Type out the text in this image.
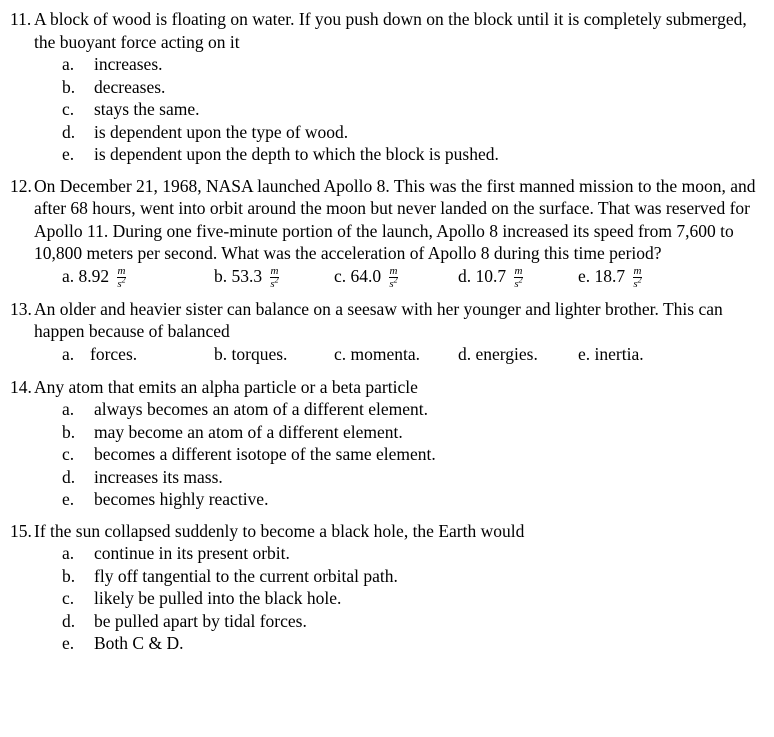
11. A block of wood is floating on water. If you push down on the block until it is completely submerged, the buoyant force acting on it
a.	increases.
b.	decreases.
c.	stays the same.
d.	is dependent upon the type of wood.
e.	is dependent upon the depth to which the block is pushed.
12. On December 21, 1968, NASA launched Apollo 8. This was the first manned mission to the moon, and after 68 hours, went into orbit around the moon but never landed on the surface. That was reserved for Apollo 11. During one five-minute portion of the launch, Apollo 8 increased its speed from 7,600 to 10,800 meters per second. What was the acceleration of Apollo 8 during this time period?
a. $8.92 \frac{m}{s^2}$	b. $53.3 \frac{m}{s^2}$	c. $64.0 \frac{m}{s^2}$	d. $10.7 \frac{m}{s^2}$	e. $18.7 \frac{m}{s^2}$
13. An older and heavier sister can balance on a seesaw with her younger and lighter brother. This can happen because of balanced
a. forces.	b. torques.	c. momenta.	d. energies.	e. inertia.
14. Any atom that emits an alpha particle or a beta particle
a.	always becomes an atom of a different element.
b.	may become an atom of a different element.
c.	becomes a different isotope of the same element.
d.	increases its mass.
e.	becomes highly reactive.
15. If the sun collapsed suddenly to become a black hole, the Earth would
a.	continue in its present orbit.
b.	fly off tangential to the current orbital path.
c.	likely be pulled into the black hole.
d.	be pulled apart by tidal forces.
e.	Both C & D.
